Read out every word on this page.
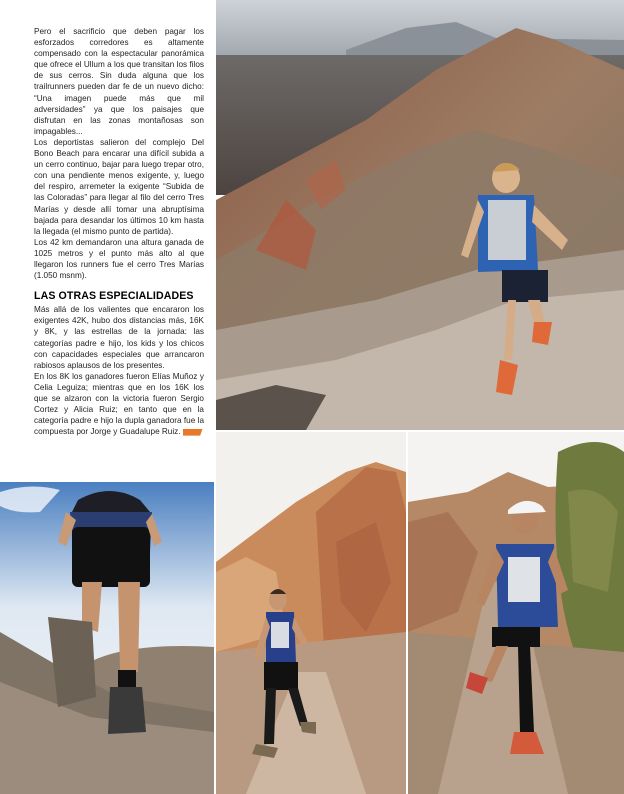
Pero el sacrificio que deben pagar los esforzados corredores es altamente compensado con la espectacular panorámica que ofrece el Ullum a los que transitan los filos de sus cerros. Sin duda alguna que los trailrunners pueden dar fe de un nuevo dicho: “Una imagen puede más que mil adversidades” ya que los paisajes que disfrutan en las zonas montañosas son impagables...

Los deportistas salieron del complejo Del Bono Beach para encarar una difícil subida a un cerro continuo, bajar para luego trepar otro, con una pendiente menos exigente, y, luego del respiro, arremeter la exigente “Subida de las Coloradas” para llegar al filo del cerro Tres Marías y desde allí tomar una abruptísima bajada para desandar los últimos 10 km hasta la llegada (el mismo punto de partida).

Los 42 km demandaron una altura ganada de 1025 metros y el punto más alto al que llegaron los runners fue el cerro Tres Marías (1.050 msnm).

LAS OTRAS ESPECIALIDADES

Más allá de los valientes que encararon los exigentes 42K, hubo dos distancias más, 16K y 8K, y las estrellas de la jornada: las categorías padre e hijo, los kids y los chicos con capacidades especiales que arrancaron rabiosos aplausos de los presentes.

En los 8K los ganadores fueron Elías Muñoz y Celia Leguiza; mientras que en los 16K los que se alzaron con la victoria fueron Sergio Cortez y Alicia Ruiz; en tanto que en la categoría padre e hijo la dupla ganadora fue la compuesta por Jorge y Guadalupe Ruiz.
